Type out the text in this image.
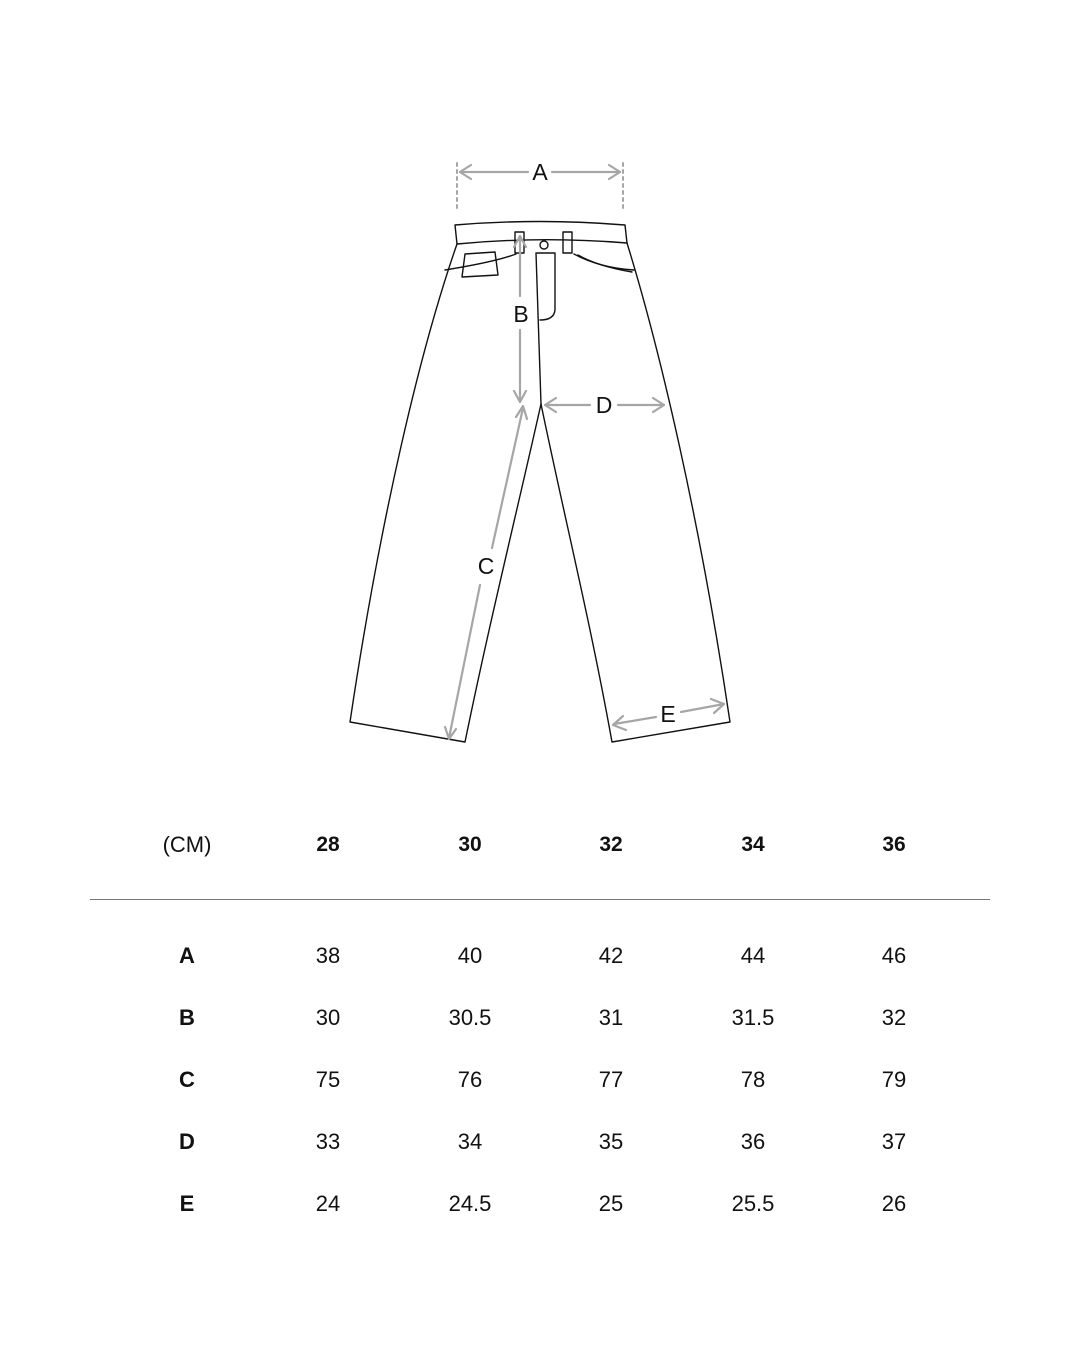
A
B
C
D
E
(CM)	28	30	32	34	36
A	38	40	42	44	46
B	30	30.5	31	31.5	32
C	75	76	77	78	79
D	33	34	35	36	37
E	24	24.5	25	25.5	26
